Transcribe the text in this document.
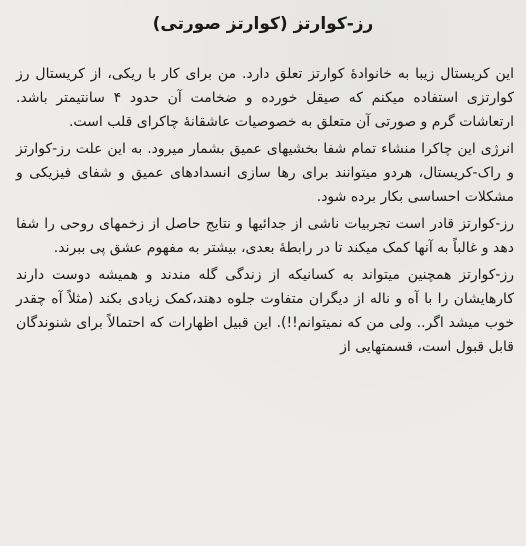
رز-کوارتز (کوارتز صورتی)

این کریستال زیبا به خانوادهٔ کوارتز تعلق دارد. من برای کار با ریکی، از کریستال رز کوارتزی استفاده میکنم که صیقل خورده و ضخامت آن حدود ۴ سانتیمتر باشد. ارتعاشات گرم و صورتی آن متعلق به خصوصیات عاشقانهٔ چاکرای قلب است.

انرژی این چاکرا منشاء تمام شفا بخشیهای عمیق بشمار میرود. به این علت رز-کوارتز و راک-کریستال، هردو میتوانند برای رها سازی انسدادهای عمیق و شفای فیزیکی و مشکلات احساسی بکار برده شود.

رز-کوارتز قادر است تجربیات ناشی از جدائیها و نتایج حاصل از زخمهای روحی را شفا دهد و غالباً به آنها کمک میکند تا در رابطهٔ بعدی، بیشتر به مفهوم عشق پی ببرند.

رز-کوارتز همچنین میتواند به کسانیکه از زندگی گله مندند و همیشه دوست دارند کارهایشان را با آه و ناله از دیگران متفاوت جلوه دهند،کمک زیادی بکند (مثلاً آه چقدر خوب میشد اگر.. ولی من که نمیتوانم!!). این قبیل اظهارات که احتمالاً برای شنوندگان قابل قبول است، قسمتهایی از
